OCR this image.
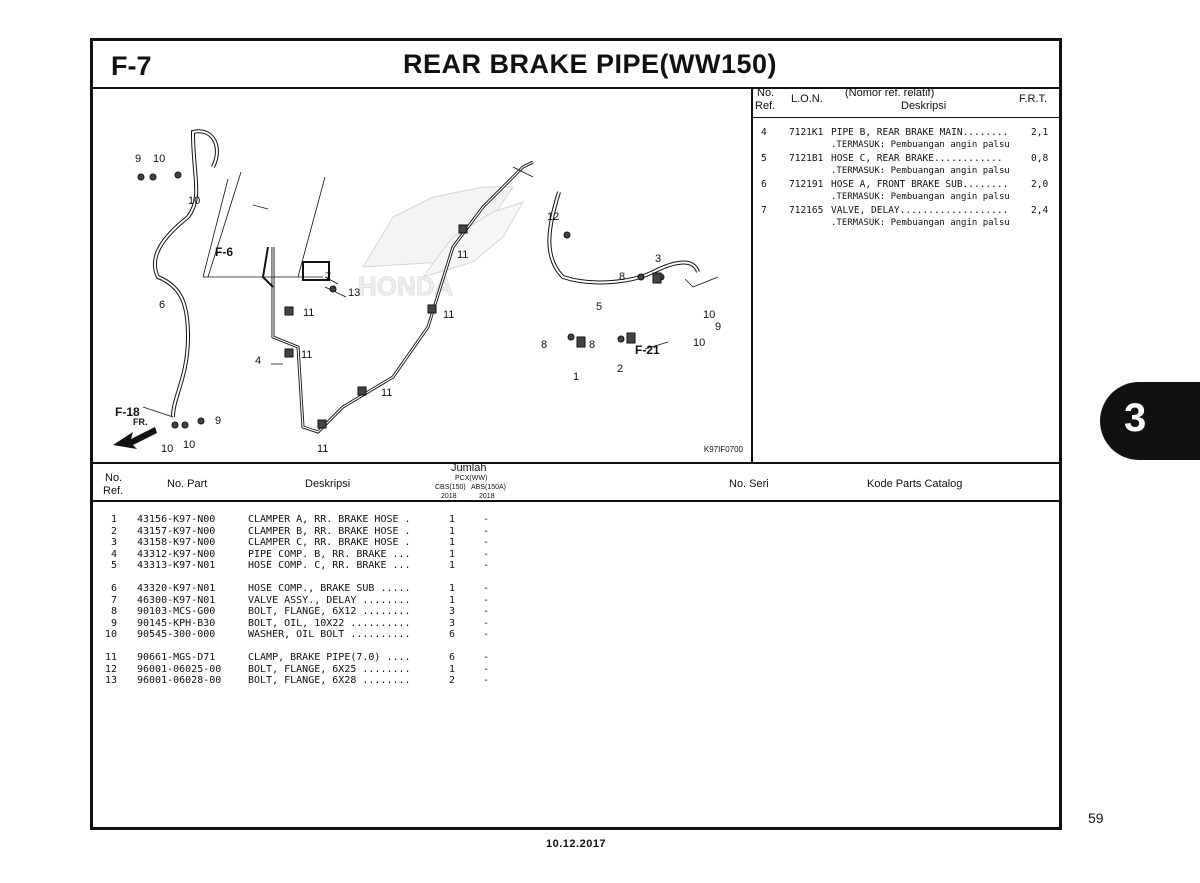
F-7	REAR BRAKE PIPE(WW150)
HONDA
9 10
10
F-6
7
13
6
11	11
4	11
11
F-18
FR.	9
10
10	11
12
11	3
8
5
10
9
10
8	8	F-21
2
1
K97IF0700
No.
Ref.
L.O.N. (Nomor ref. relatif)
Deskripsi
F.R.T.
4 7121K1 PIPE B, REAR BRAKE MAIN........ 2,1
.TERMASUK: Pembuangan angin palsu
5 7121B1 HOSE C, REAR BRAKE............	0,8
.TERMASUK: Pembuangan angin palsu
6 712191 HOSE A, FRONT BRAKE SUB........ 2,0
.TERMASUK: Pembuangan angin palsu
7 712165 VALVE, DELAY................... 2,4
.TERMASUK: Pembuangan angin palsu
No.
Ref.
No. Part	Deskripsi
Jumlah
PCX(WW)
CBS(150) ABS(150A)
2018	2018
No. Seri	Kode Parts Catalog
1 43156-K97-N00	CLAMPER A, RR. BRAKE HOSE .	1	-
2 43157-K97-N00	CLAMPER B, RR. BRAKE HOSE .	1	-
3 43158-K97-N00	CLAMPER C, RR. BRAKE HOSE .	1	-
4 43312-K97-N00	PIPE COMP. B, RR. BRAKE ...	1	-
5 43313-K97-N01	HOSE COMP. C, RR. BRAKE ...	1	-
6 43320-K97-N01	HOSE COMP., BRAKE SUB .....	1	-
7 46300-K97-N01	VALVE ASSY., DELAY ........	1	-
8 90103-MCS-G00	BOLT, FLANGE, 6X12 ........	3	-
9 90145-KPH-B30	BOLT, OIL, 10X22 ..........	3	-
10 90545-300-000	WASHER, OIL BOLT ..........	6	-
11 90661-MGS-D71	CLAMP, BRAKE PIPE(7.0) ....	6	-
12 96001-06025-00	BOLT, FLANGE, 6X25 ........	1	-
13 96001-06028-00	BOLT, FLANGE, 6X28 ........	2	-
3
59
10.12.2017
